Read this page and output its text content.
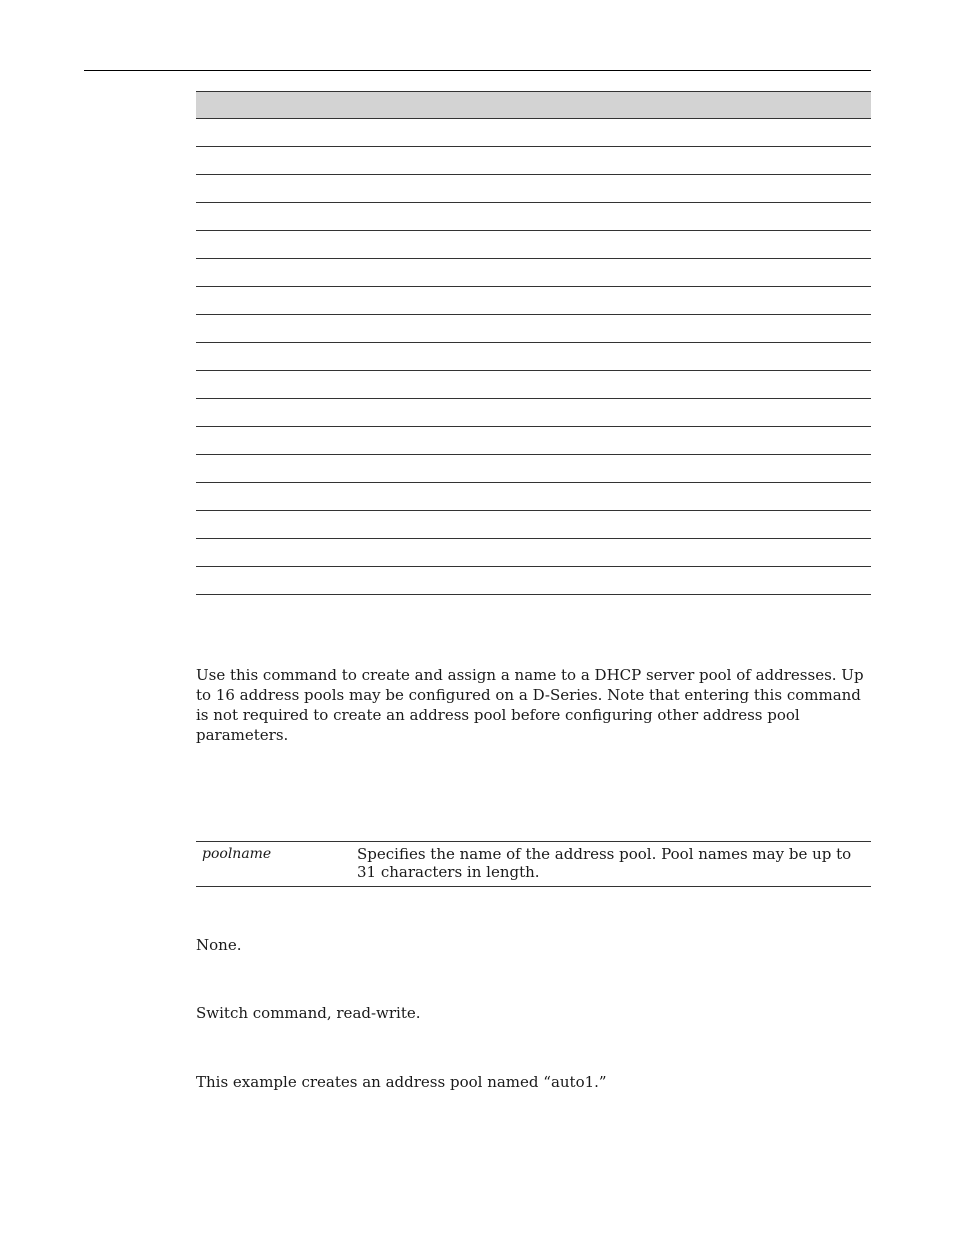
Use this command to create and assign a name to a DHCP server pool of addresses. Up to 16 address pools may be configured on a D-Series. Note that entering this command is not required to create an address pool before configuring other address pool parameters.

poolname	Specifies the name of the address pool. Pool names may be up to 31 characters in length.

None.

Switch command, read-write.

This example creates an address pool named “auto1.”
